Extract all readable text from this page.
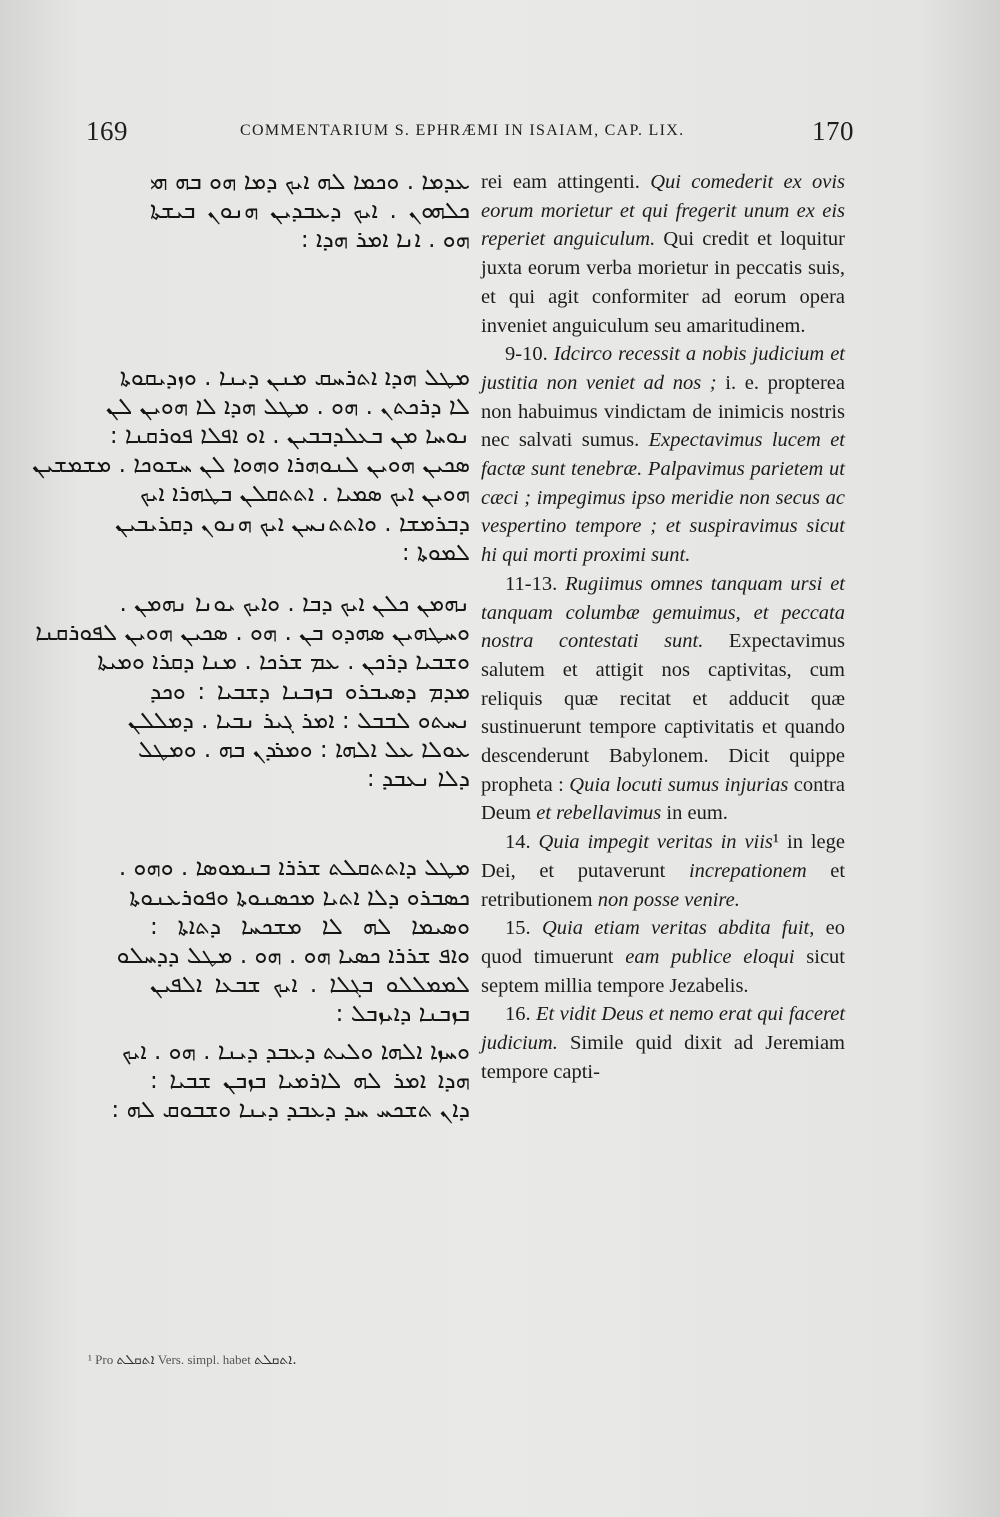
169	COMMENTARIUM S. EPHRÆMI IN ISAIAM, CAP. LIX.	170
ܥܕܡܐ . ܘܟܡܐ ܠܗ ܐܝܟ ܕܡܐ ܗܘ ܒܗ ܗܝ
ܟܠܗܘܢ . ܐܝܟ ܕܥܒܕܝܢ ܗܢܘܢ ܒܝܫܬܐ
ܗܘ . ܐܢܐ ܐܡܪ ܗܕܐ :
ܡܛܠ ܗܕܐ ܐܬܪܚܩ ܡܢܢ ܕܝܢܐ . ܘܙܕܝܩܘܬܐ
ܠܐ ܕܪܟܬܢ . ܗܘ . ܡܛܠ ܗܕܐ ܠܐ ܗܘܝܢ ܠܢ
ܢܘܚܐ ܡܢ ܒܥܠܕܒܒܝܢ . ܐܘ ܐܦܠܐ ܦܘܪܩܢܐ :
ܣܟܝܢ ܗܘܝܢ ܠܢܘܗܪܐ ܘܗܘܐ ܠܢ ܚܫܘܟܐ . ܡܫܡܫܝܢ
ܗܘܝܢ ܐܝܟ ܣܡܝܐ . ܐܬܬܩܠܢ ܒܛܗܪܐ ܐܝܟ
ܕܒܪܡܫܐ . ܘܐܬܬܢܚܢ ܐܝܟ ܗܢܘܢ ܕܩܪܝܒܝܢ
ܠܡܘܬܐ :
ܢܗܡܢ ܟܠܢ ܐܝܟ ܕܒܐ . ܘܐܝܟ ܝܘܢܐ ܢܗܡܢ .
ܘܚܛܗܝܢ ܣܗܕܘ ܒܢ . ܗܘ . ܣܟܝܢ ܗܘܝܢ ܠܦܘܪܩܢܐ
ܘܫܒܝܐ ܕܪܟܢ . ܥܡ ܫܪܟܐ . ܡܢܐ ܕܩܪܐ ܘܡܝܬܐ
ܡܕܡ ܕܣܝܒܪܘ ܒܙܒܢܐ ܕܫܒܝܐ : ܘܟܕ
ܢܚܬܘ ܠܒܒܠ : ܐܡܪ ܓܝܪ ܢܒܝܐ . ܕܡܠܠܢ
ܥܘܠܐ ܥܠ ܐܠܗܐ : ܘܡܪܕܢ ܒܗ . ܘܡܛܠ
ܕܠܐ ܢܥܒܕ :
ܡܛܠ ܕܐܬܬܩܠܬ ܫܪܪܐ ܒܢܡܘܣܐ . ܘܗܘ .
ܟܣܒܪܘ ܕܠܐ ܐܬܝܐ ܡܟܣܢܘܬܐ ܘܦܘܪܥܢܘܬܐ
ܘܣܝܡܐ ܠܗ ܠܐ ܡܫܟܚܐ ܕܬܐܬܐ :
ܘܐܦ ܫܪܪܐ ܟܣܝܐ ܗܘ . ܗܘ . ܡܛܠ ܕܕܚܠܘ
ܠܡܡܠܠܘ ܒܓܠܐ . ܐܝܟ ܫܒܥܐ ܐܠܦܝܢ
ܒܙܒܢܐ ܕܐܝܙܒܠ :
ܘܚܙܐ ܐܠܗܐ ܘܠܝܬ ܕܥܒܕ ܕܝܢܐ . ܗܘ . ܐܝܟ
ܗܕܐ ܐܡܪ ܠܗ ܠܐܪܡܝܐ ܒܙܒܢ ܫܒܝܐ :
ܕܐܢ ܬܫܟܚ ܚܕ ܕܥܒܕ ܕܝܢܐ ܘܫܒܘܩ ܠܗ :

rei eam attingenti. Qui comederit ex ovis eorum morietur et qui fregerit unum ex eis reperiet anguiculum. Qui credit et loquitur juxta eorum verba morietur in peccatis suis, et qui agit conformiter ad eorum opera inveniet anguiculum seu amaritudinem.

9-10. Idcirco recessit a nobis judicium et justitia non veniet ad nos ; i. e. propterea non habuimus vindictam de inimicis nostris nec salvati sumus. Expectavimus lucem et factæ sunt tenebræ. Palpavimus parietem ut cæci ; impegimus ipso meridie non secus ac vespertino tempore ; et suspiravimus sicut hi qui morti proximi sunt.

11-13. Rugiimus omnes tanquam ursi et tanquam columbæ gemuimus, et peccata nostra contestati sunt. Expectavimus salutem et attigit nos captivitas, cum reliquis quæ recitat et adducit quæ sustinuerunt tempore captivitatis et quando descenderunt Babylonem. Dicit quippe propheta : Quia locuti sumus injurias contra Deum et rebellavimus in eum.

14. Quia impegit veritas in viis¹ in lege Dei, et putaverunt increpationem et retributionem non posse venire.

15. Quia etiam veritas abdita fuit, eo quod timuerunt eam publice eloqui sicut septem millia tempore Jezabelis.

16. Et vidit Deus et nemo erat qui faceret judicium. Simile quid dixit ad Jeremiam tempore capti-

¹ Pro ܐܬܩܠܬ Vers. simpl. habet ܐܬܩܠܬ.
